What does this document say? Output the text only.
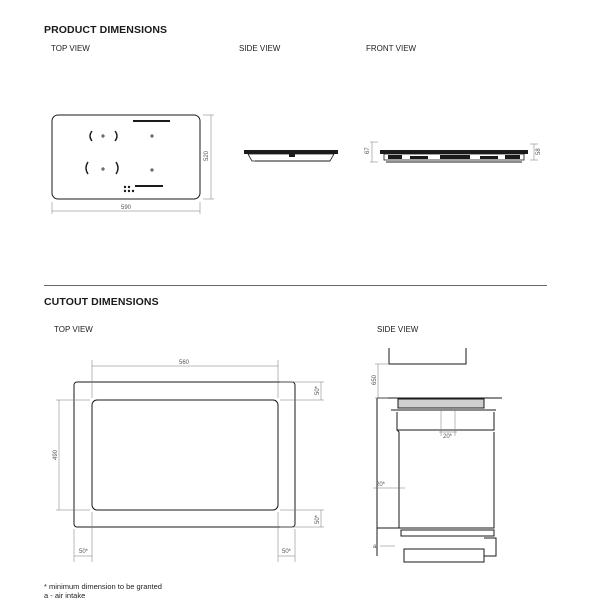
PRODUCT DIMENSIONS
TOP VIEW	SIDE VIEW	FRONT VIEW
CUTOUT DIMENSIONS
TOP VIEW	SIDE VIEW
590
520
67	58
560
490
50*
50*
50*	50*
650
20*
20*
a
* minimum dimension to be granted
a - air intake
